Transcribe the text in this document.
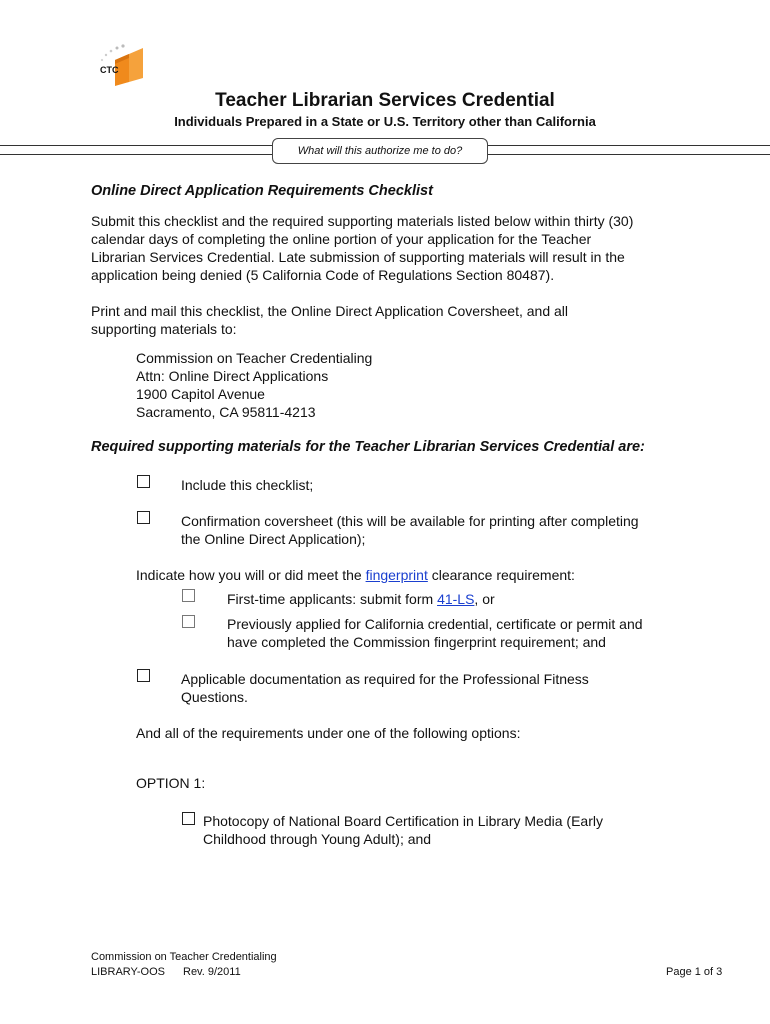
CTC
Teacher Librarian Services Credential
Individuals Prepared in a State or U.S. Territory other than California
What will this authorize me to do?
Online Direct Application Requirements Checklist
Submit this checklist and the required supporting materials listed below within thirty (30)
calendar days of completing the online portion of your application for the Teacher
Librarian Services Credential. Late submission of supporting materials will result in the
application being denied (5 California Code of Regulations Section 80487).
Print and mail this checklist, the Online Direct Application Coversheet, and all
supporting materials to:
Commission on Teacher Credentialing
Attn: Online Direct Applications
1900 Capitol Avenue
Sacramento, CA 95811-4213
Required supporting materials for the Teacher Librarian Services Credential are:
Include this checklist;
Confirmation coversheet (this will be available for printing after completing
the Online Direct Application);
Indicate how you will or did meet the fingerprint clearance requirement:
First-time applicants: submit form 41-LS, or
Previously applied for California credential, certificate or permit and
have completed the Commission fingerprint requirement; and
Applicable documentation as required for the Professional Fitness
Questions.
And all of the requirements under one of the following options:
OPTION 1:
Photocopy of National Board Certification in Library Media (Early
Childhood through Young Adult); and
Commission on Teacher Credentialing
LIBRARY-OOS Rev. 9/2011	Page 1 of 3
